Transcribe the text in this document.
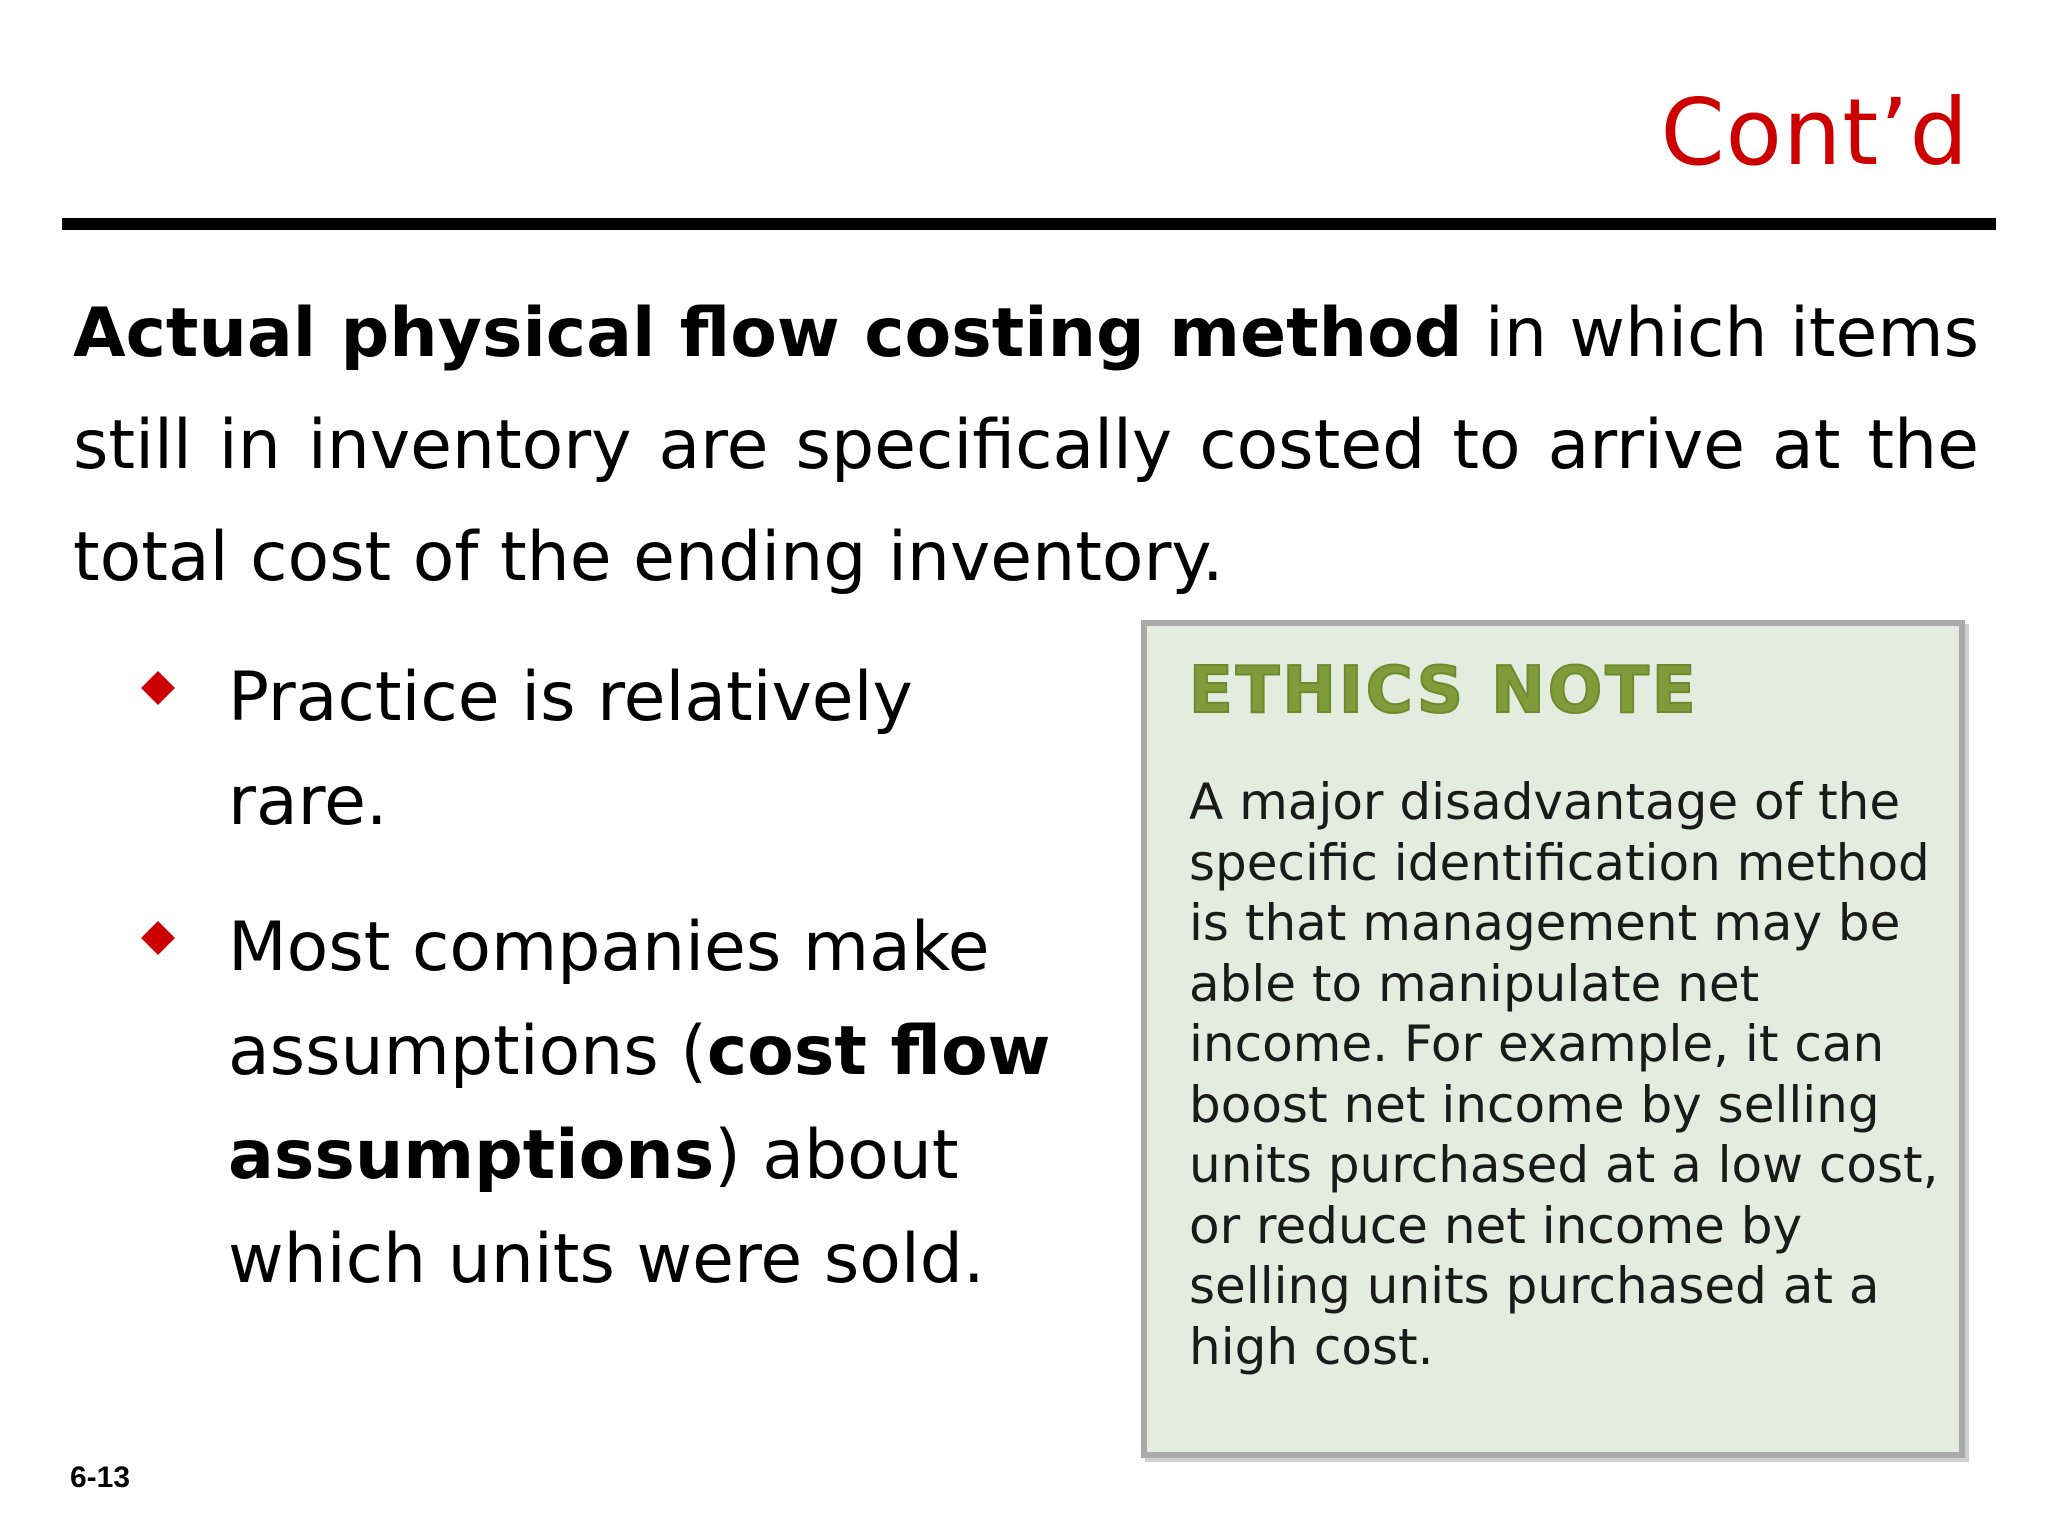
Cont’d

Actual physical flow costing method in which items still in inventory are specifically costed to arrive at the total cost of the ending inventory.

Practice is relatively rare.
Most companies make assumptions (cost flow assumptions) about which units were sold.
ETHICS NOTE
A major disadvantage of the specific identification method is that management may be able to manipulate net income. For example, it can boost net income by selling units purchased at a low cost, or reduce net income by selling units purchased at a high cost.
6-13
